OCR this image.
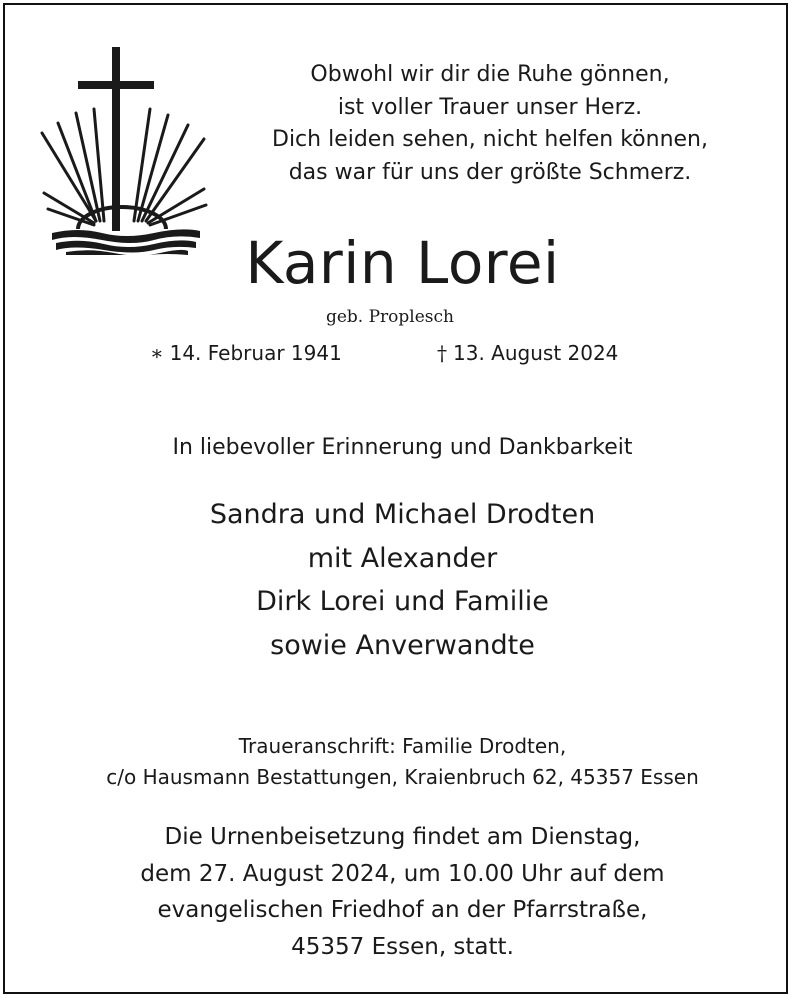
Obwohl wir dir die Ruhe gönnen,
ist voller Trauer unser Herz.
Dich leiden sehen, nicht helfen können,
das war für uns der größte Schmerz.
Karin Lorei
geb. Proplesch
∗ 14. Februar 1941	† 13. August 2024
In liebevoller Erinnerung und Dankbarkeit
Sandra und Michael Drodten
mit Alexander
Dirk Lorei und Familie
sowie Anverwandte
Traueranschrift: Familie Drodten,
c/o Hausmann Bestattungen, Kraienbruch 62, 45357 Essen
Die Urnenbeisetzung findet am Dienstag,
dem 27. August 2024, um 10.00 Uhr auf dem
evangelischen Friedhof an der Pfarrstraße,
45357 Essen, statt.
